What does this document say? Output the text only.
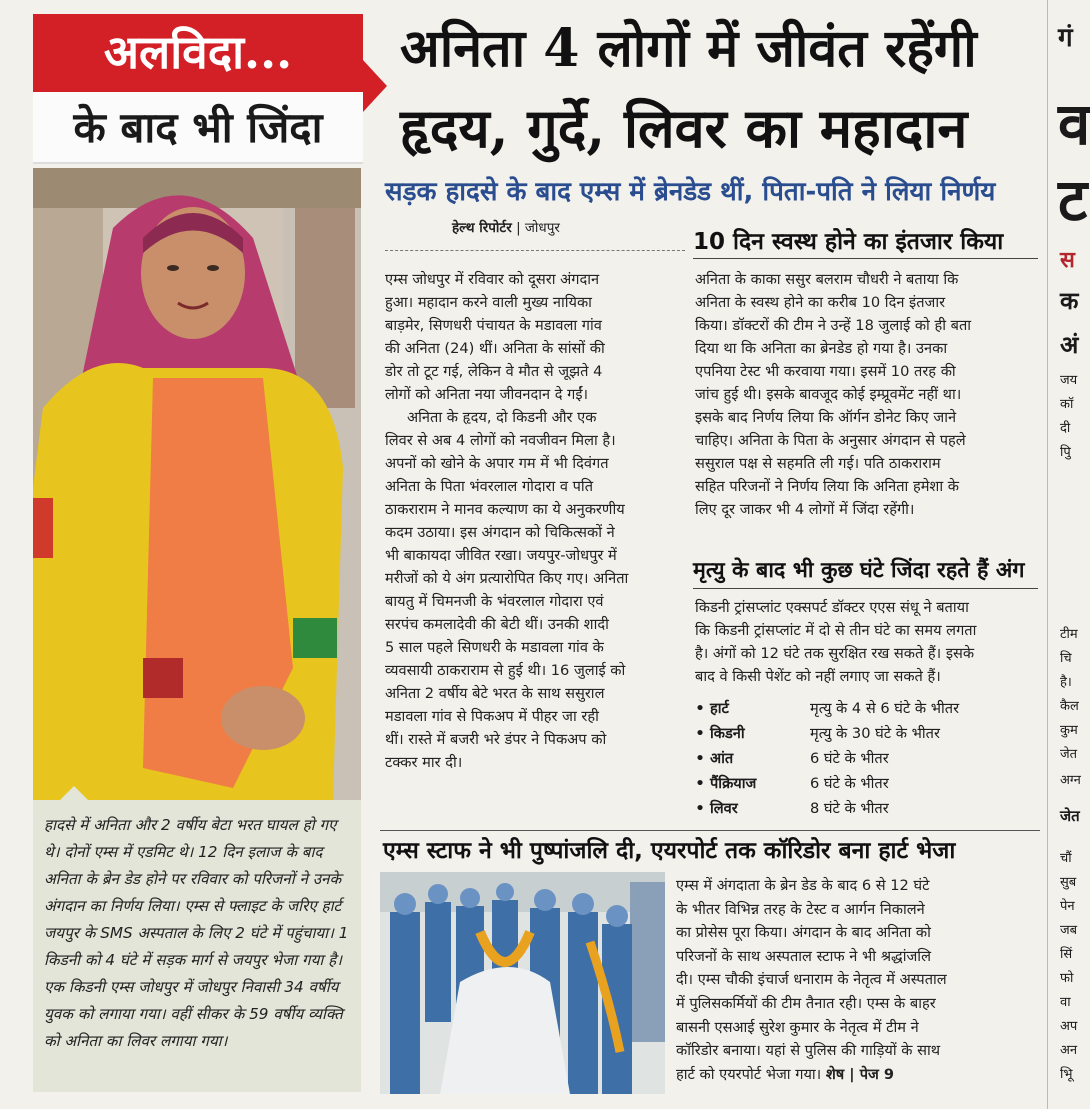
अलविदा...
के बाद भी जिंदा
अनिता 4 लोगों में जीवंत रहेंगी
हृदय, गुर्दे, लिवर का महादान
सड़क हादसे के बाद एम्स में ब्रेनडेड थीं, पिता-पति ने लिया निर्णय
हादसे में अनिता और 2 वर्षीय बेटा भरत घायल हो गए थे। दोनों एम्स में एडमिट थे। 12 दिन इलाज के बाद अनिता के ब्रेन डेड होने पर रविवार को परिजनों ने उनके अंगदान का निर्णय लिया। एम्स से फ्लाइट के जरिए हार्ट जयपुर के SMS अस्पताल के लिए 2 घंटे में पहुंचाया। 1 किडनी को 4 घंटे में सड़क मार्ग से जयपुर भेजा गया है। एक किडनी एम्स जोधपुर में जोधपुर निवासी 34 वर्षीय युवक को लगाया गया। वहीं सीकर के 59 वर्षीय व्यक्ति को अनिता का लिवर लगाया गया।
हेल्थ रिपोर्टर | जोधपुर
एम्स जोधपुर में रविवार को दूसरा अंगदान
हुआ। महादान करने वाली मुख्य नायिका
बाड़मेर, सिणधरी पंचायत के मडावला गांव
की अनिता (24) थीं। अनिता के सांसों की
डोर तो टूट गई, लेकिन वे मौत से जूझते 4
लोगों को अनिता नया जीवनदान दे गईं।
अनिता के हृदय, दो किडनी और एक
लिवर से अब 4 लोगों को नवजीवन मिला है।
अपनों को खोने के अपार गम में भी दिवंगत
अनिता के पिता भंवरलाल गोदारा व पति
ठाकराराम ने मानव कल्याण का ये अनुकरणीय
कदम उठाया। इस अंगदान को चिकित्सकों ने
भी बाकायदा जीवित रखा। जयपुर-जोधपुर में
मरीजों को ये अंग प्रत्यारोपित किए गए। अनिता
बायतु में चिमनजी के भंवरलाल गोदारा एवं
सरपंच कमलादेवी की बेटी थीं। उनकी शादी
5 साल पहले सिणधरी के मडावला गांव के
व्यवसायी ठाकराराम से हुई थी। 16 जुलाई को
अनिता 2 वर्षीय बेटे भरत के साथ ससुराल
मडावला गांव से पिकअप में पीहर जा रही
थीं। रास्ते में बजरी भरे डंपर ने पिकअप को
टक्कर मार दी।
10 दिन स्वस्थ होने का इंतजार किया
अनिता के काका ससुर बलराम चौधरी ने बताया कि
अनिता के स्वस्थ होने का करीब 10 दिन इंतजार
किया। डॉक्टरों की टीम ने उन्हें 18 जुलाई को ही बता
दिया था कि अनिता का ब्रेनडेड हो गया है। उनका
एपनिया टेस्ट भी करवाया गया। इसमें 10 तरह की
जांच हुई थी। इसके बावजूद कोई इम्प्रूवमेंट नहीं था।
इसके बाद निर्णय लिया कि ऑर्गन डोनेट किए जाने
चाहिए। अनिता के पिता के अनुसार अंगदान से पहले
ससुराल पक्ष से सहमति ली गई। पति ठाकराराम
सहित परिजनों ने निर्णय लिया कि अनिता हमेशा के
लिए दूर जाकर भी 4 लोगों में जिंदा रहेंगी।
मृत्यु के बाद भी कुछ घंटे जिंदा रहते हैं अंग
किडनी ट्रांसप्लांट एक्सपर्ट डॉक्टर एएस संधू ने बताया
कि किडनी ट्रांसप्लांट में दो से तीन घंटे का समय लगता
है। अंगों को 12 घंटे तक सुरक्षित रख सकते हैं। इसके
बाद वे किसी पेशेंट को नहीं लगाए जा सकते हैं।
• हार्ट	मृत्यु के 4 से 6 घंटे के भीतर
• किडनी	मृत्यु के 30 घंटे के भीतर
• आंत	6 घंटे के भीतर
• पैंक्रियाज	6 घंटे के भीतर
• लिवर	8 घंटे के भीतर
एम्स स्टाफ ने भी पुष्पांजलि दी, एयरपोर्ट तक कॉरिडोर बना हार्ट भेजा
एम्स में अंगदाता के ब्रेन डेड के बाद 6 से 12 घंटे
के भीतर विभिन्न तरह के टेस्ट व आर्गन निकालने
का प्रोसेस पूरा किया। अंगदान के बाद अनिता को
परिजनों के साथ अस्पताल स्टाफ ने भी श्रद्धांजलि
दी। एम्स चौकी इंचार्ज धनाराम के नेतृत्व में अस्पताल
में पुलिसकर्मियों की टीम तैनात रही। एम्स के बाहर
बासनी एसआई सुरेश कुमार के नेतृत्व में टीम ने
कॉरिडोर बनाया। यहां से पुलिस की गाड़ियों के साथ
हार्ट को एयरपोर्ट भेजा गया। शेष | पेज 9
गं
व
ट
स
क
अं
जय
कॉ
दी
पुि
टीम
चि
है।
कैल
कुम
जेत
अग्न
जेत
चौं
सुब
पेन
जब
सिं
फो
वा
अप
अन
भूि
